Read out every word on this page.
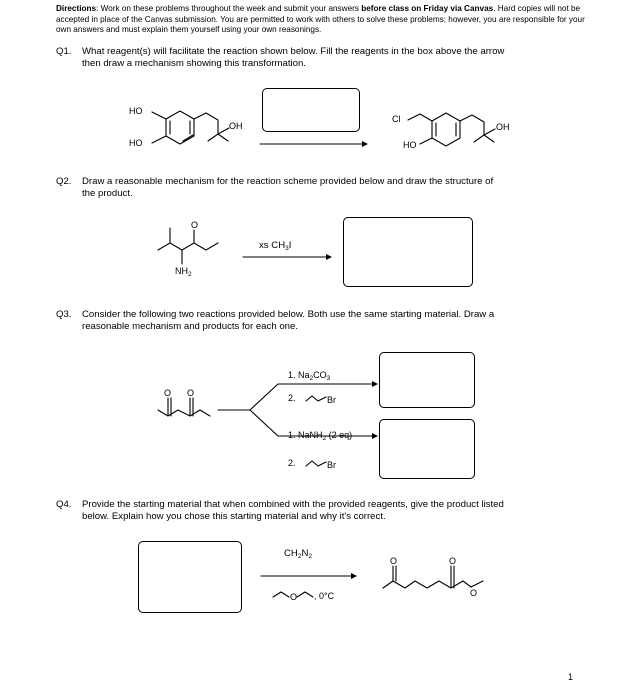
Directions: Work on these problems throughout the week and submit your answers before class on Friday via Canvas. Hard copies will not be accepted in place of the Canvas submission. You are permitted to work with others to solve these problems; however, you are responsible for your own answers and must explain them yourself using your own reasonings.
Q1. What reagent(s) will facilitate the reaction shown below. Fill the reagents in the box above the arrow
then draw a mechanism showing this transformation.
HO
HO
OH
Cl
HO
OH
Q2. Draw a reasonable mechanism for the reaction scheme provided below and draw the structure of
the product.
O
$NH_2$
xs $CH_3I$
Q3. Consider the following two reactions provided below. Both use the same starting material. Draw a
reasonable mechanism and products for each one.
O O
1. $Na_2CO_3$
2.	Br
1. NaNH$_2$ (2 eq)
2.	Br
Q4. Provide the starting material that when combined with the provided reagents, give the product listed
below. Explain how you chose this starting material and why it's correct.
$CH_2N_2$
O , 0°C
O	O
O
1
